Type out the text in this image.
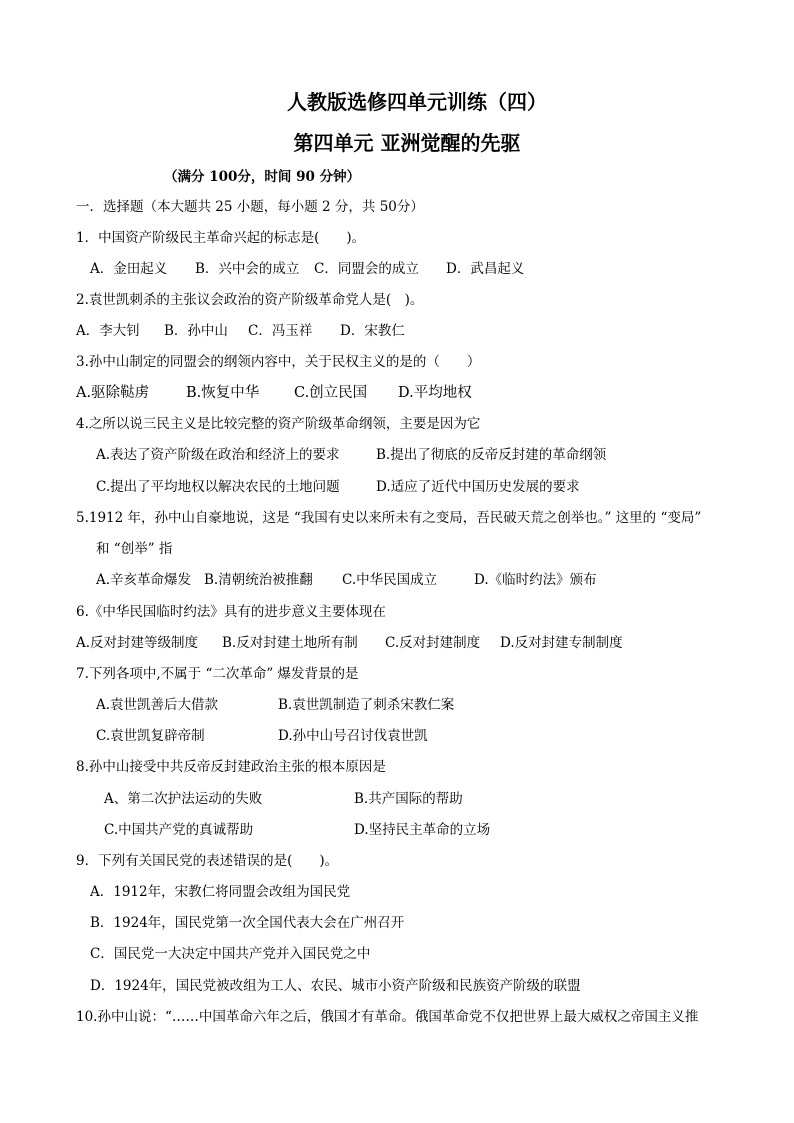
人教版选修四单元训练（四）
第四单元 亚洲觉醒的先驱
（满分 100分，时间 90 分钟）
一．选择题（本大题共 25 小题，每小题 2 分，共 50分）
1．中国资产阶级民主革命兴起的标志是(　　)。
A．金田起义 B．兴中会的成立 C．同盟会的成立 D．武昌起义
2.袁世凯刺杀的主张议会政治的资产阶级革命党人是(　)。
A．李大钊 B．孙中山 C．冯玉祥 D．宋教仁
3.孙中山制定的同盟会的纲领内容中，关于民权主义的是的（　　）
A.驱除鞑虏	B.恢复中华 C.创立民国 D.平均地权
4.之所以说三民主义是比较完整的资产阶级革命纲领，主要是因为它
A.表达了资产阶级在政治和经济上的要求	B.提出了彻底的反帝反封建的革命纲领
C.提出了平均地权以解决农民的土地问题	D.适应了近代中国历史发展的要求
5.1912 年，孙中山自豪地说，这是 “我国有史以来所未有之变局，吾民破天荒之创举也。” 这里的 “变局”
和 “创举” 指
A.辛亥革命爆发 B.清朝统治被推翻 C.中华民国成立	D.《临时约法》颁布
6.《中华民国临时约法》具有的进步意义主要体现在
A.反对封建等级制度 B.反对封建土地所有制 C.反对封建制度 D.反对封建专制制度
7.下列各项中,不属于 “二次革命” 爆发背景的是
A.袁世凯善后大借款	B.袁世凯制造了刺杀宋教仁案
C.袁世凯复辟帝制	D.孙中山号召讨伐袁世凯
8.孙中山接受中共反帝反封建政治主张的根本原因是
A、第二次护法运动的失败	B.共产国际的帮助
C.中国共产党的真诚帮助	D.坚持民主革命的立场
9．下列有关国民党的表述错误的是(　　)。
A．1912年，宋教仁将同盟会改组为国民党
B．1924年，国民党第一次全国代表大会在广州召开
C．国民党一大决定中国共产党并入国民党之中
D．1924年，国民党被改组为工人、农民、城市小资产阶级和民族资产阶级的联盟
10.孙中山说：“……中国革命六年之后，俄国才有革命。俄国革命党不仅把世界上最大威权之帝国主义推
